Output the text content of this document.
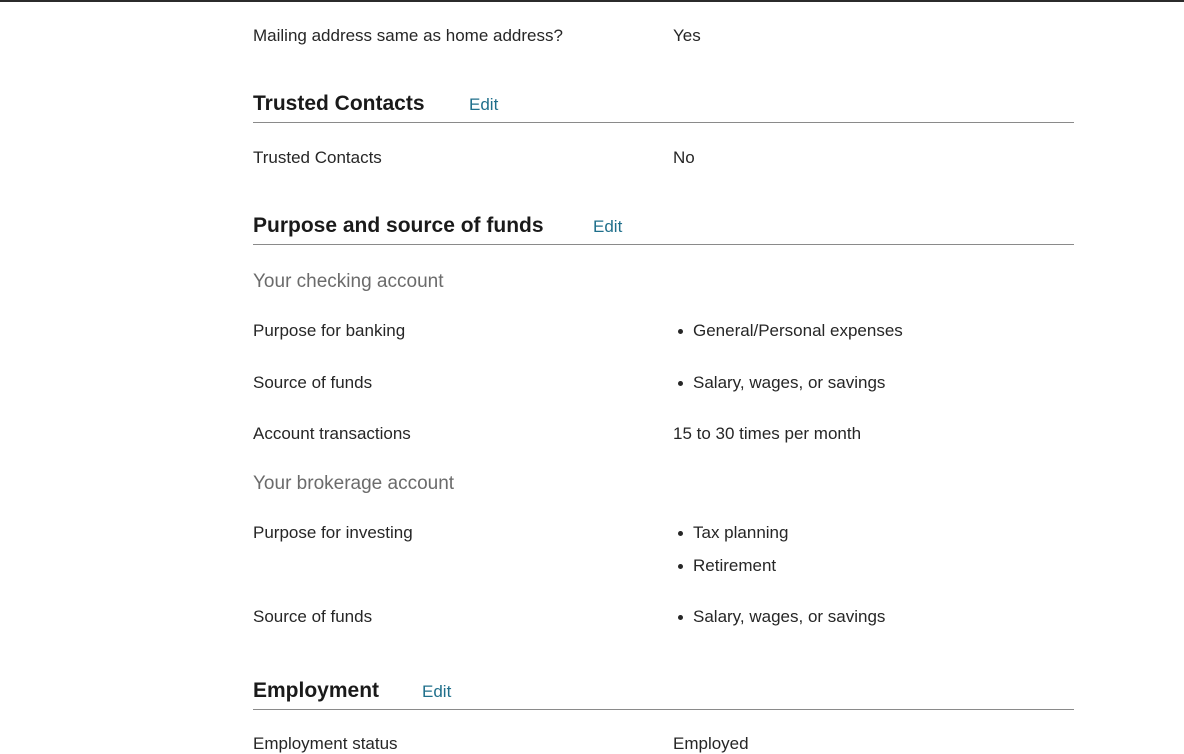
Mailing address same as home address?	Yes
Trusted Contacts	Edit
Trusted Contacts	No
Purpose and source of funds	Edit
Your checking account
Purpose for banking	General/Personal expenses
Source of funds	Salary, wages, or savings
Account transactions	15 to 30 times per month
Your brokerage account
Purpose for investing	Tax planning
Retirement
Source of funds	Salary, wages, or savings
Employment	Edit
Employment status	Employed
